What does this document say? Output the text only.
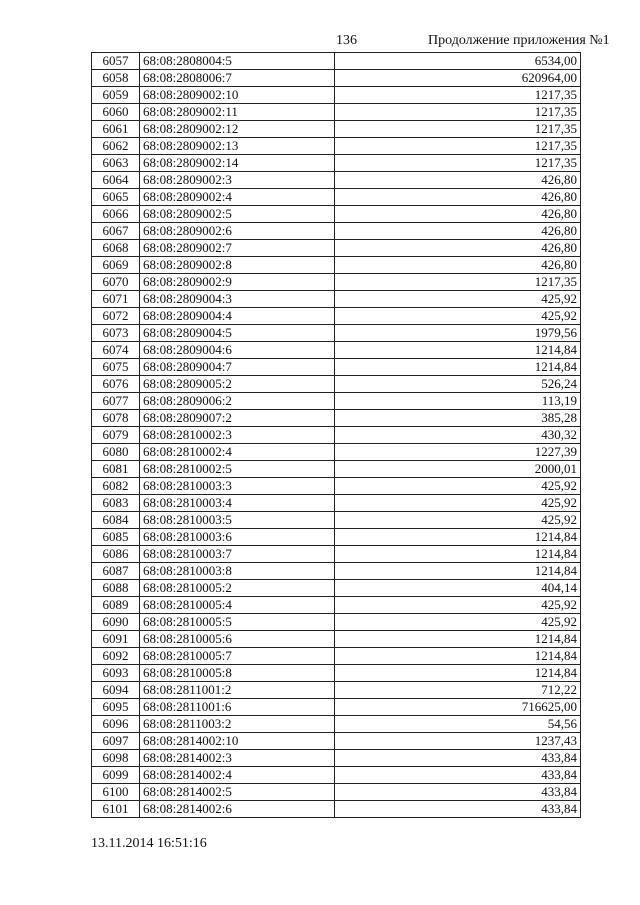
136	Продолжение приложения №1
6057	68:08:2808004:5	6534,00
6058	68:08:2808006:7	620964,00
6059	68:08:2809002:10	1217,35
6060	68:08:2809002:11	1217,35
6061	68:08:2809002:12	1217,35
6062	68:08:2809002:13	1217,35
6063	68:08:2809002:14	1217,35
6064	68:08:2809002:3	426,80
6065	68:08:2809002:4	426,80
6066	68:08:2809002:5	426,80
6067	68:08:2809002:6	426,80
6068	68:08:2809002:7	426,80
6069	68:08:2809002:8	426,80
6070	68:08:2809002:9	1217,35
6071	68:08:2809004:3	425,92
6072	68:08:2809004:4	425,92
6073	68:08:2809004:5	1979,56
6074	68:08:2809004:6	1214,84
6075	68:08:2809004:7	1214,84
6076	68:08:2809005:2	526,24
6077	68:08:2809006:2	113,19
6078	68:08:2809007:2	385,28
6079	68:08:2810002:3	430,32
6080	68:08:2810002:4	1227,39
6081	68:08:2810002:5	2000,01
6082	68:08:2810003:3	425,92
6083	68:08:2810003:4	425,92
6084	68:08:2810003:5	425,92
6085	68:08:2810003:6	1214,84
6086	68:08:2810003:7	1214,84
6087	68:08:2810003:8	1214,84
6088	68:08:2810005:2	404,14
6089	68:08:2810005:4	425,92
6090	68:08:2810005:5	425,92
6091	68:08:2810005:6	1214,84
6092	68:08:2810005:7	1214,84
6093	68:08:2810005:8	1214,84
6094	68:08:2811001:2	712,22
6095	68:08:2811001:6	716625,00
6096	68:08:2811003:2	54,56
6097	68:08:2814002:10	1237,43
6098	68:08:2814002:3	433,84
6099	68:08:2814002:4	433,84
6100	68:08:2814002:5	433,84
6101	68:08:2814002:6	433,84
13.11.2014 16:51:16
